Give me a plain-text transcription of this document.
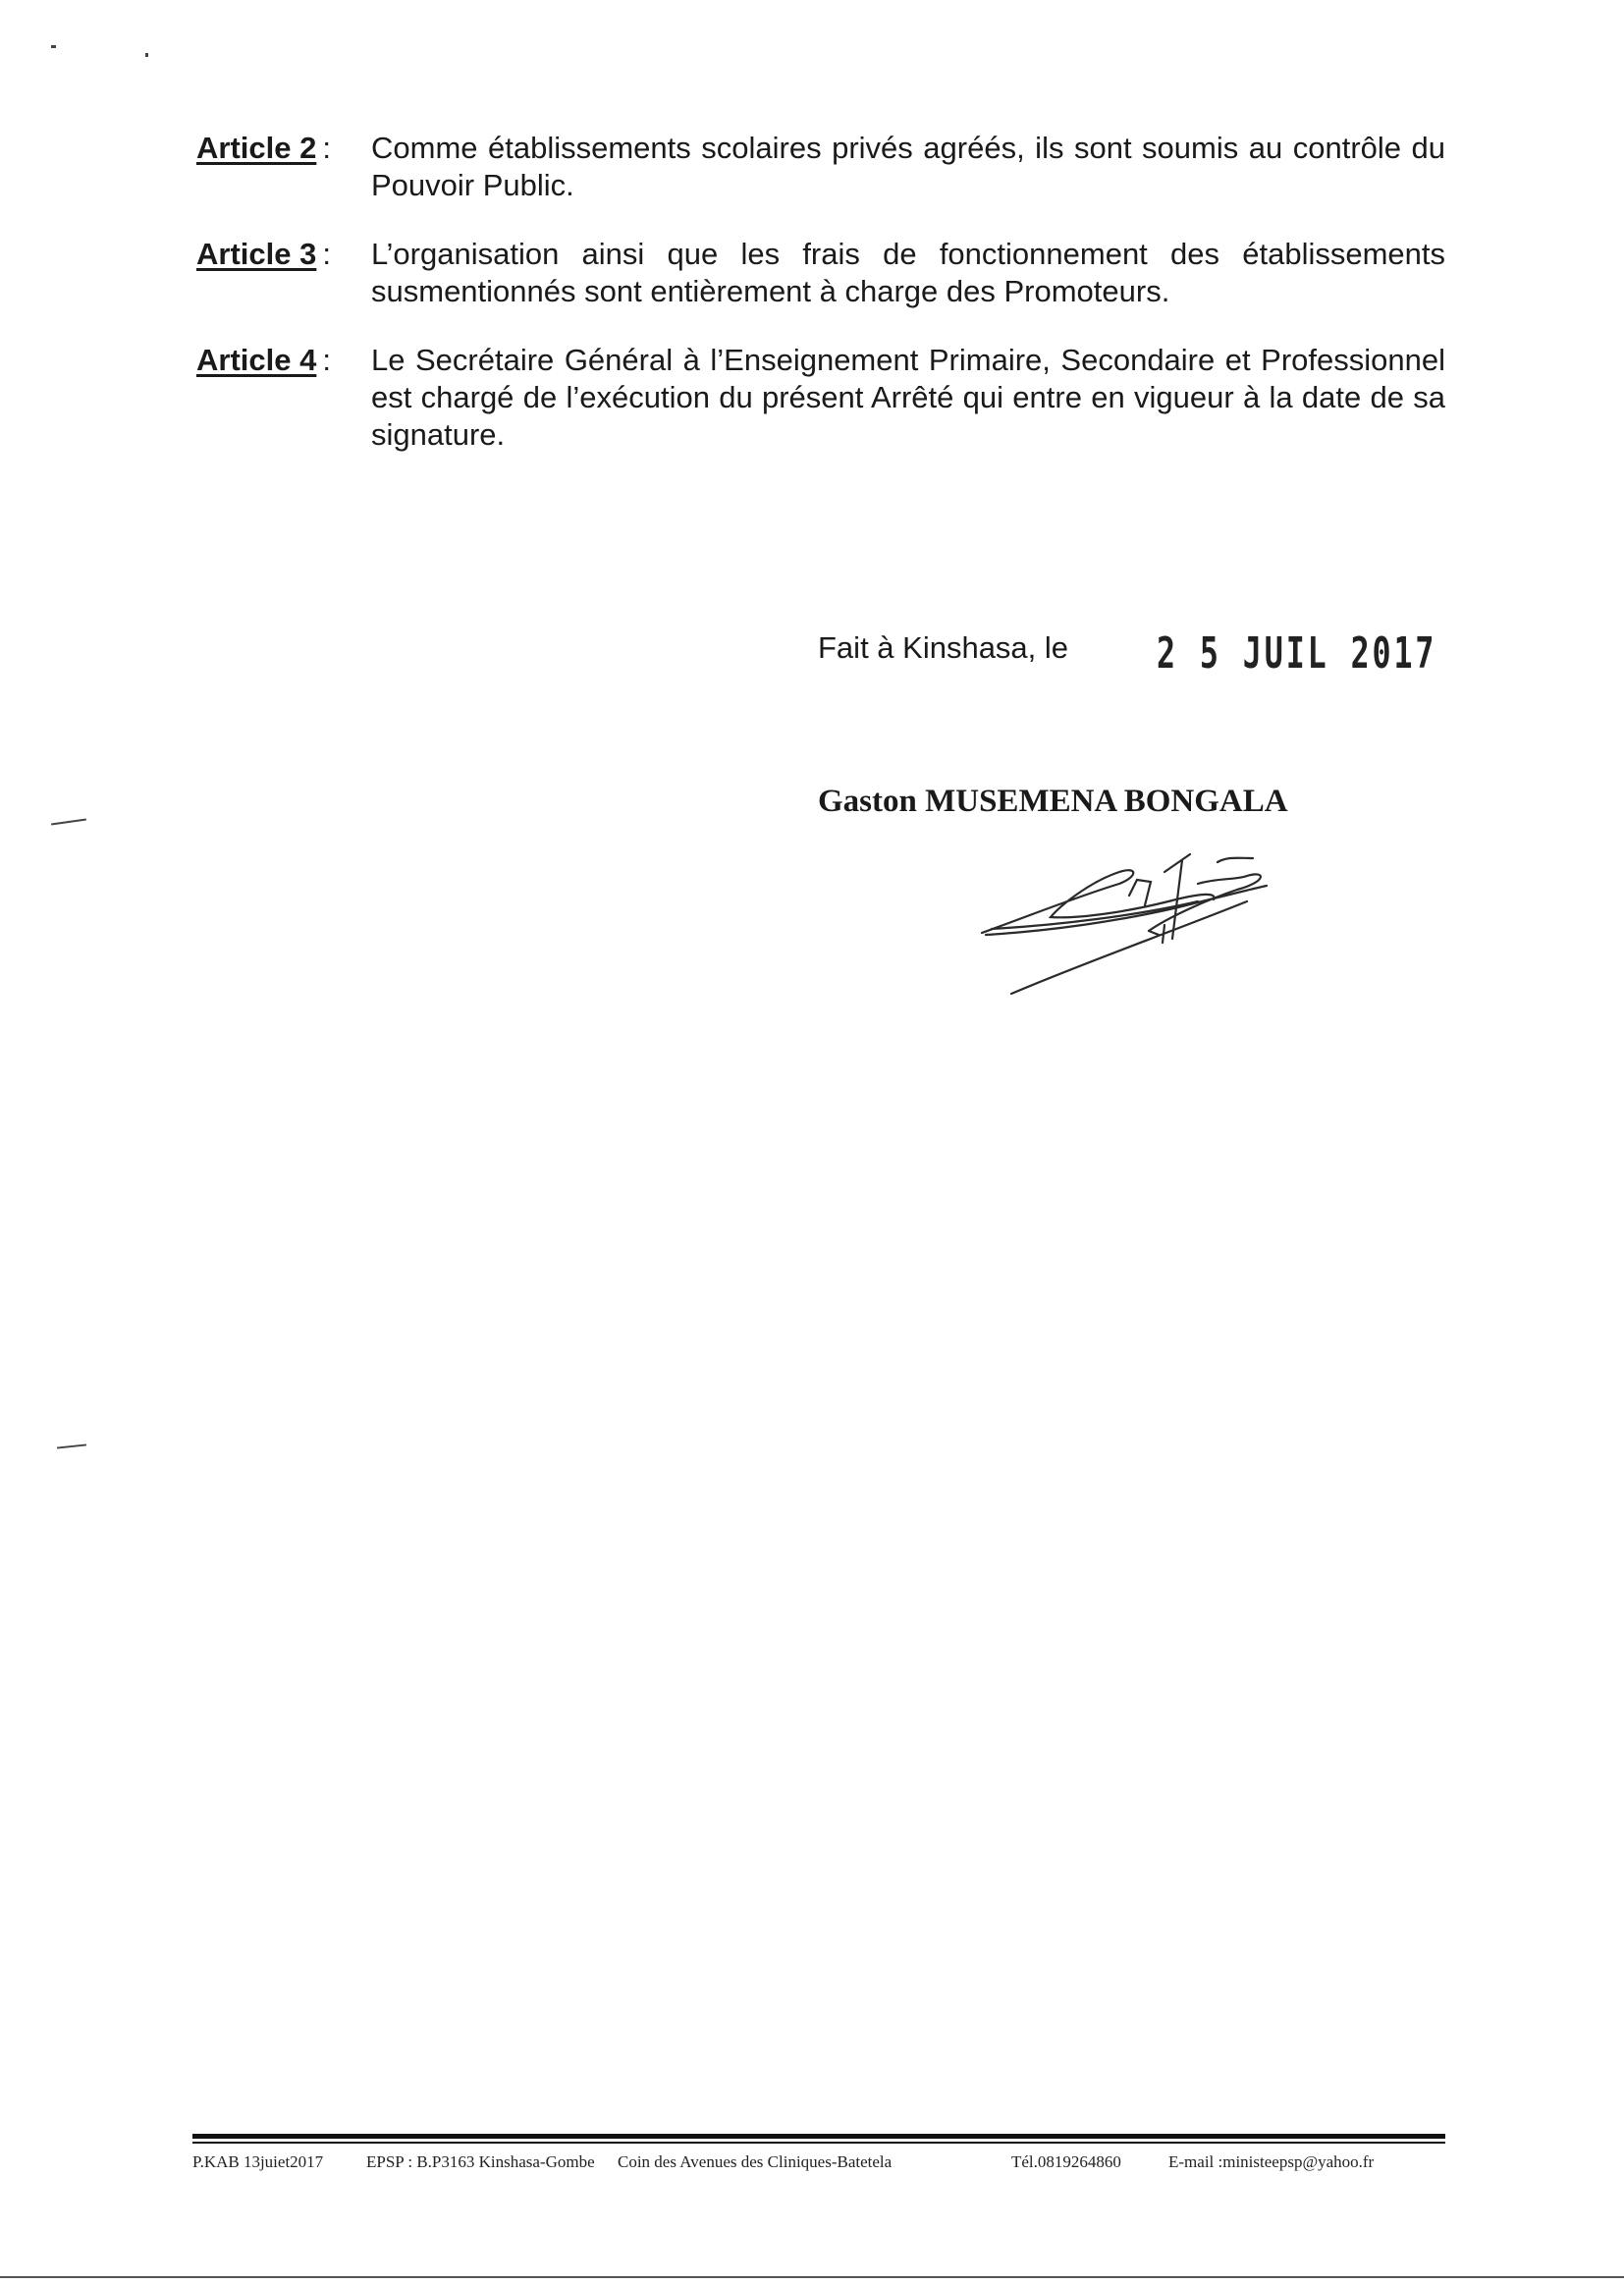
Article 2 :	Comme établissements scolaires privés agréés, ils sont soumis au contrôle du Pouvoir Public.
Article 3 :	L’organisation ainsi que les frais de fonctionnement des établissements susmentionnés sont entièrement à charge des Promoteurs.
Article 4 :	Le Secrétaire Général à l’Enseignement Primaire, Secondaire et Professionnel est chargé de l’exécution du présent Arrêté qui entre en vigueur à la date de sa signature.
Fait à Kinshasa, le 2 5 JUIL 2017
Gaston MUSEMENA BONGALA
P.KAB 13juiet2017	EPSP : B.P3163 Kinshasa-Gombe Coin des Avenues des Cliniques-Batetela	Tél.0819264860	E-mail :ministeepsp@yahoo.fr
